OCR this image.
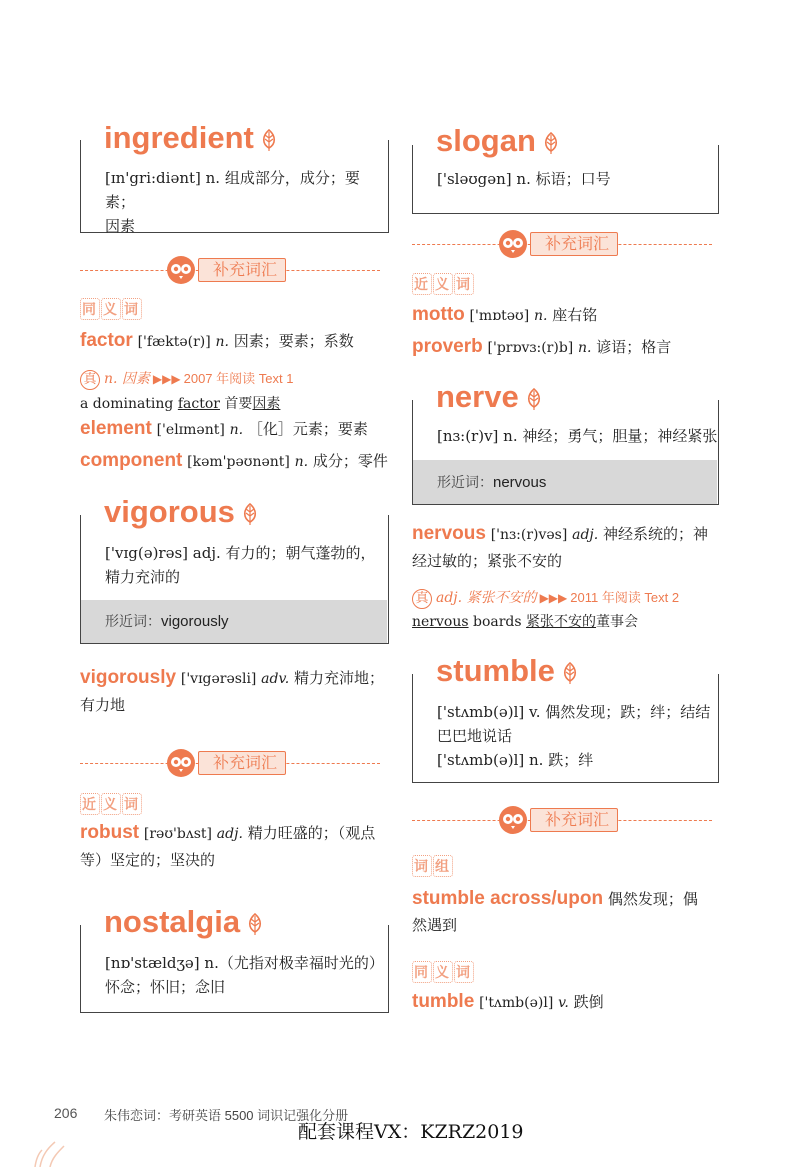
[ɪn'gri:diənt] n. 组成部分，成分；要素；
因素
ingredient
补充词汇
同 义 词
factor ['fæktə(r)] n. 因素；要素；系数
真 n. 因素 ▶▶▶ 2007 年阅读 Text 1
a dominating factor 首要因素
element ['elɪmənt] n. ［化］元素；要素
component [kəm'pəʊnənt] n. 成分；零件
['vɪg(ə)rəs] adj. 有力的；朝气蓬勃的，
精力充沛的
形近词：vigorously
vigorous
vigorously ['vɪgərəsli] adv. 精力充沛地；
有力地
补充词汇
近 义 词
robust [rəʊ'bʌst] adj. 精力旺盛的；（观点
等）坚定的；坚决的
[nɒ'stældʒə] n.（尤指对极幸福时光的）
怀念；怀旧；念旧
nostalgia
['sləʊgən] n. 标语；口号
slogan
补充词汇
近 义 词
motto ['mɒtəʊ] n. 座右铭
proverb ['prɒvɜ:(r)b] n. 谚语；格言
[nɜ:(r)v] n. 神经；勇气；胆量；神经紧张
形近词：nervous
nerve
nervous ['nɜ:(r)vəs] adj. 神经系统的；神
经过敏的；紧张不安的
真 adj. 紧张不安的 ▶▶▶ 2011 年阅读 Text 2
nervous boards 紧张不安的董事会
['stʌmb(ə)l] v. 偶然发现；跌；绊；结结
巴巴地说话
['stʌmb(ə)l] n. 跌；绊
stumble
补充词汇
词 组
stumble across/upon 偶然发现；偶
然遇到
同 义 词
tumble ['tʌmb(ə)l] v. 跌倒
206 朱伟恋词：考研英语 5500 词识记强化分册
配套课程VX：KZRZ2019
